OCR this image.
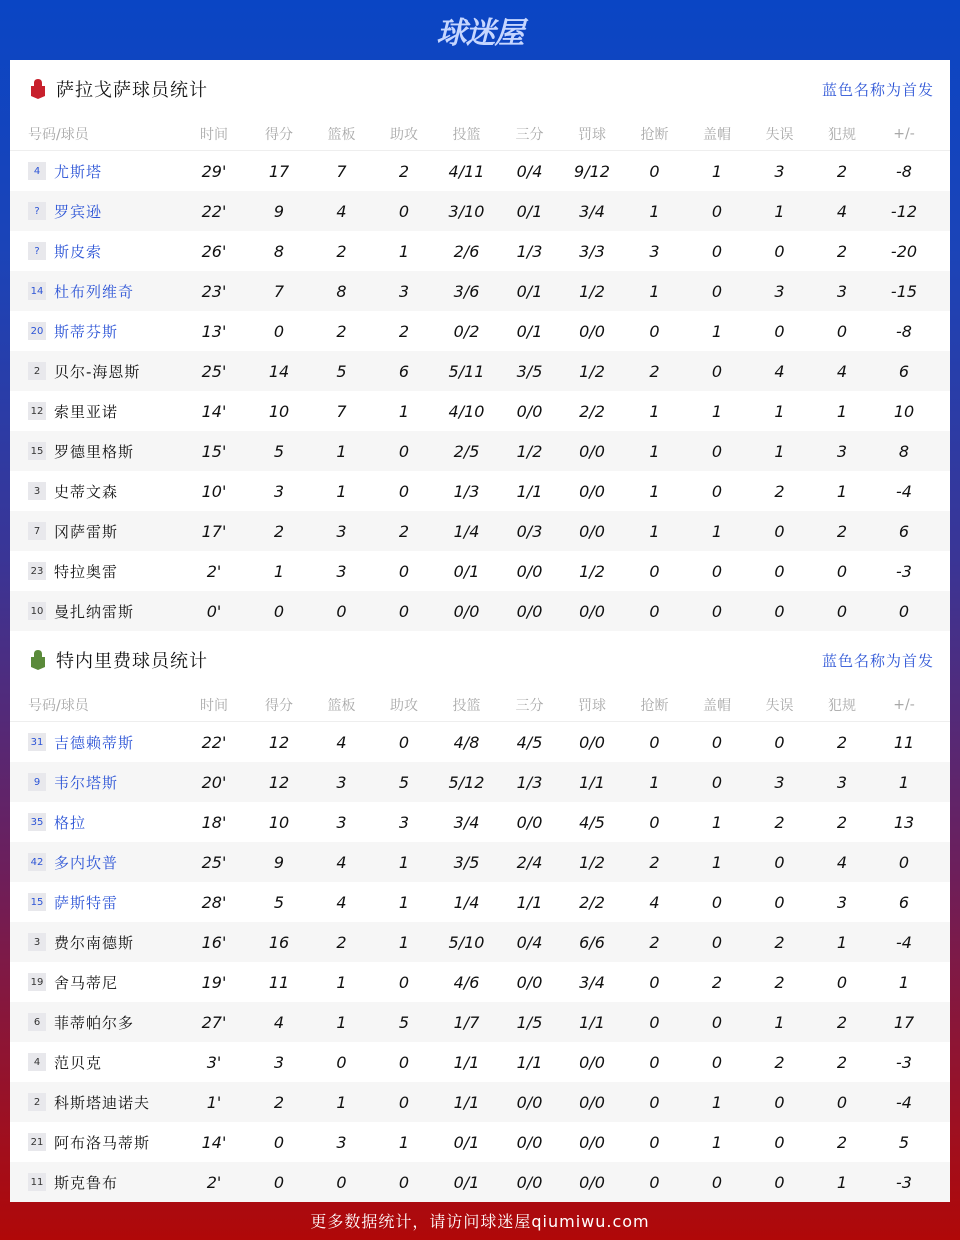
球迷屋
萨拉戈萨球员统计	蓝色名称为首发
号码/球员	时间	得分	篮板	助攻	投篮	三分	罚球	抢断	盖帽	失误	犯规	+/-
4 尤斯塔	29'	17	7	2	4/11	0/4	9/12	0	1	3	2	-8
? 罗宾逊	22'	9	4	0	3/10	0/1	3/4	1	0	1	4	-12
? 斯皮索	26'	8	2	1	2/6	1/3	3/3	3	0	0	2	-20
14 杜布列维奇	23'	7	8	3	3/6	0/1	1/2	1	0	3	3	-15
20 斯蒂芬斯	13'	0	2	2	0/2	0/1	0/0	0	1	0	0	-8
2 贝尔-海恩斯	25'	14	5	6	5/11	3/5	1/2	2	0	4	4	6
12 索里亚诺	14'	10	7	1	4/10	0/0	2/2	1	1	1	1	10
15 罗德里格斯	15'	5	1	0	2/5	1/2	0/0	1	0	1	3	8
3 史蒂文森	10'	3	1	0	1/3	1/1	0/0	1	0	2	1	-4
7 冈萨雷斯	17'	2	3	2	1/4	0/3	0/0	1	1	0	2	6
23 特拉奥雷	2'	1	3	0	0/1	0/0	1/2	0	0	0	0	-3
10 曼扎纳雷斯	0'	0	0	0	0/0	0/0	0/0	0	0	0	0	0
特内里费球员统计	蓝色名称为首发
号码/球员	时间	得分	篮板	助攻	投篮	三分	罚球	抢断	盖帽	失误	犯规	+/-
31 吉德赖蒂斯	22'	12	4	0	4/8	4/5	0/0	0	0	0	2	11
9 韦尔塔斯	20'	12	3	5	5/12	1/3	1/1	1	0	3	3	1
35 格拉	18'	10	3	3	3/4	0/0	4/5	0	1	2	2	13
42 多内坎普	25'	9	4	1	3/5	2/4	1/2	2	1	0	4	0
15 萨斯特雷	28'	5	4	1	1/4	1/1	2/2	4	0	0	3	6
3 费尔南德斯	16'	16	2	1	5/10	0/4	6/6	2	0	2	1	-4
19 舍马蒂尼	19'	11	1	0	4/6	0/0	3/4	0	2	2	0	1
6 菲蒂帕尔多	27'	4	1	5	1/7	1/5	1/1	0	0	1	2	17
4 范贝克	3'	3	0	0	1/1	1/1	0/0	0	0	2	2	-3
2 科斯塔迪诺夫	1'	2	1	0	1/1	0/0	0/0	0	1	0	0	-4
21 阿布洛马蒂斯	14'	0	3	1	0/1	0/0	0/0	0	1	0	2	5
11 斯克鲁布	2'	0	0	0	0/1	0/0	0/0	0	0	0	1	-3
更多数据统计，请访问球迷屋qiumiwu.com
